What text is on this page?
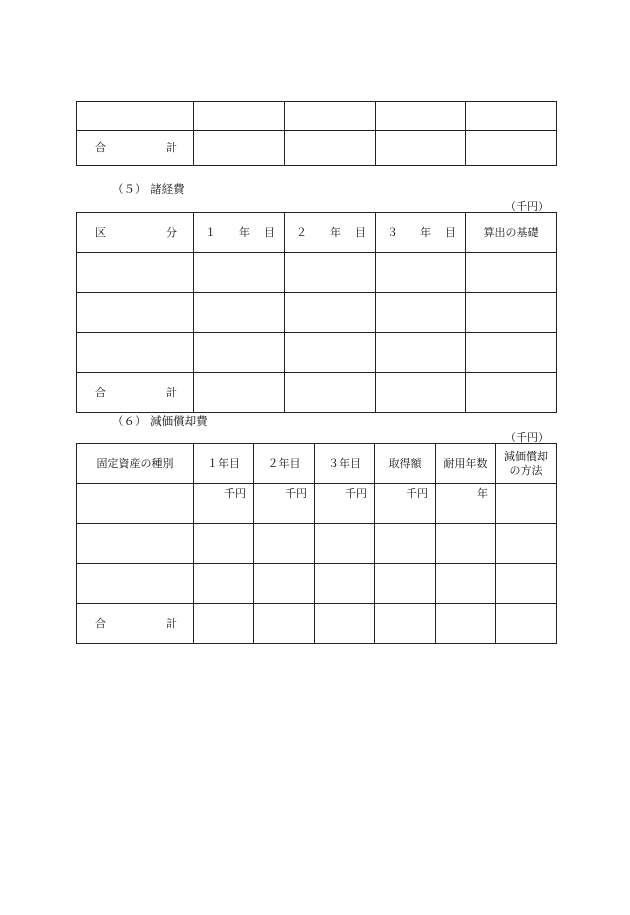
合 計				

（５） 諸経費
（千円）
区 分	１ 年 目	２ 年 目	３ 年 目	算出の基礎

合 計				

（６） 減価償却費
（千円）
固定資産の種別	１年目	２年目	３年目	取得額	耐用年数	減価償却の方法
	千円	千円	千円	千円	年	

合 計						
